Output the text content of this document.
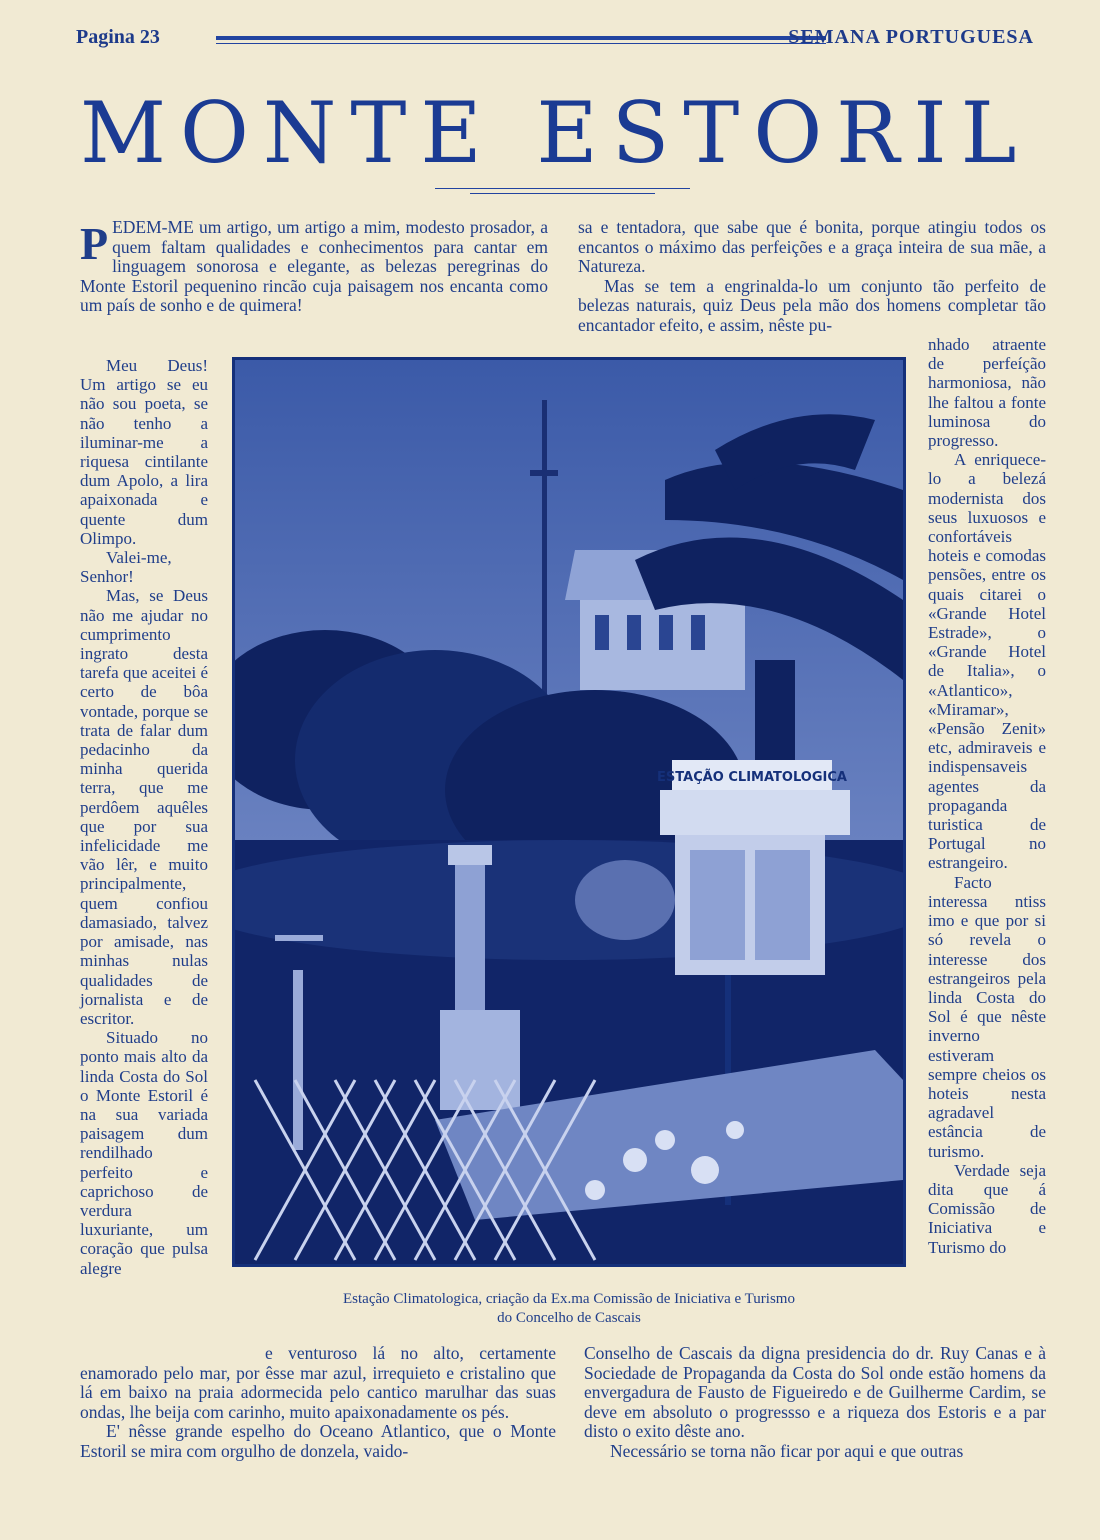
Pagina 23	SEMANA PORTUGUESA
MONTE ESTORIL

PEDEM-ME um artigo, um artigo a mim, modesto prosador, a quem faltam qualidades e conhecimentos para cantar em linguagem sonorosa e elegante, as belezas peregrinas do Monte Estoril pequenino rincão cuja paisagem nos encanta como um país de sonho e de quimera!

Meu Deus! Um artigo se eu não sou poeta, se não tenho a iluminar-me a riquesa cintilante dum Apolo, a lira apaixonada e quente dum Olimpo.

Valei-me, Senhor!

Mas, se Deus não me ajudar no cumprimento ingrato desta tarefa que aceitei é certo de bôa vontade, porque se trata de falar dum pedacinho da minha querida terra, que me perdôem aquêles que por sua infelicidade me vão lêr, e muito principalmente, quem confiou damasiado, talvez por amisade, nas minhas nulas qualidades de jornalista e de escritor.

Situado no ponto mais alto da linda Costa do Sol o Monte Estoril é na sua variada paisagem dum rendilhado perfeito e caprichoso de verdura luxuriante, um coração que pulsa alegre

e venturoso lá no alto, certamente enamorado pelo mar, por êsse mar azul, irrequieto e cristalino que lá em baixo na praia adormecida pelo cantico marulhar das suas ondas, lhe beija com carinho, muito apaixonadamente os pés.

E' nêsse grande espelho do Oceano Atlantico, que o Monte Estoril se mira com orgulho de donzela, vaido-

sa e tentadora, que sabe que é bonita, porque atingiu todos os encantos o máximo das perfeições e a graça inteira de sua mãe, a Natureza.

Mas se tem a engrinalda-lo um conjunto tão perfeito de belezas naturais, quiz Deus pela mão dos homens completar tão encantador efeito, e assim, nêste pu-

nhado atraente de perfeíção harmoniosa, não lhe faltou a fonte luminosa do progresso.

A enriquece-lo a belezá modernista dos seus luxuosos e confortáveis hoteis e comodas pensões, entre os quais citarei o «Grande Hotel Estrade», o «Grande Hotel de Italia», o «Atlantico», «Miramar», «Pensão Zenit» etc, admiraveis e indispensaveis agentes da propaganda turistica de Portugal no estrangeiro.

Facto interessa ntiss imo e que por si só revela o interesse dos estrangeiros pela linda Costa do Sol é que nêste inverno estiveram sempre cheios os hoteis nesta agradavel estância de turismo.

Verdade seja dita que á Comissão de Iniciativa e Turismo do

Conselho de Cascais da digna presidencia do dr. Ruy Canas e à Sociedade de Propaganda da Costa do Sol onde estão homens da envergadura de Fausto de Figueiredo e de Guilherme Cardim, se deve em absoluto o progressso e a riqueza dos Estoris e a par disto o exito dêste ano.

Necessário se torna não ficar por aqui e que outras

ESTAÇÃO CLIMATOLOGICA
Estação Climatologica, criação da Ex.ma Comissão de Iniciativa e Turismo
do Concelho de Cascais
